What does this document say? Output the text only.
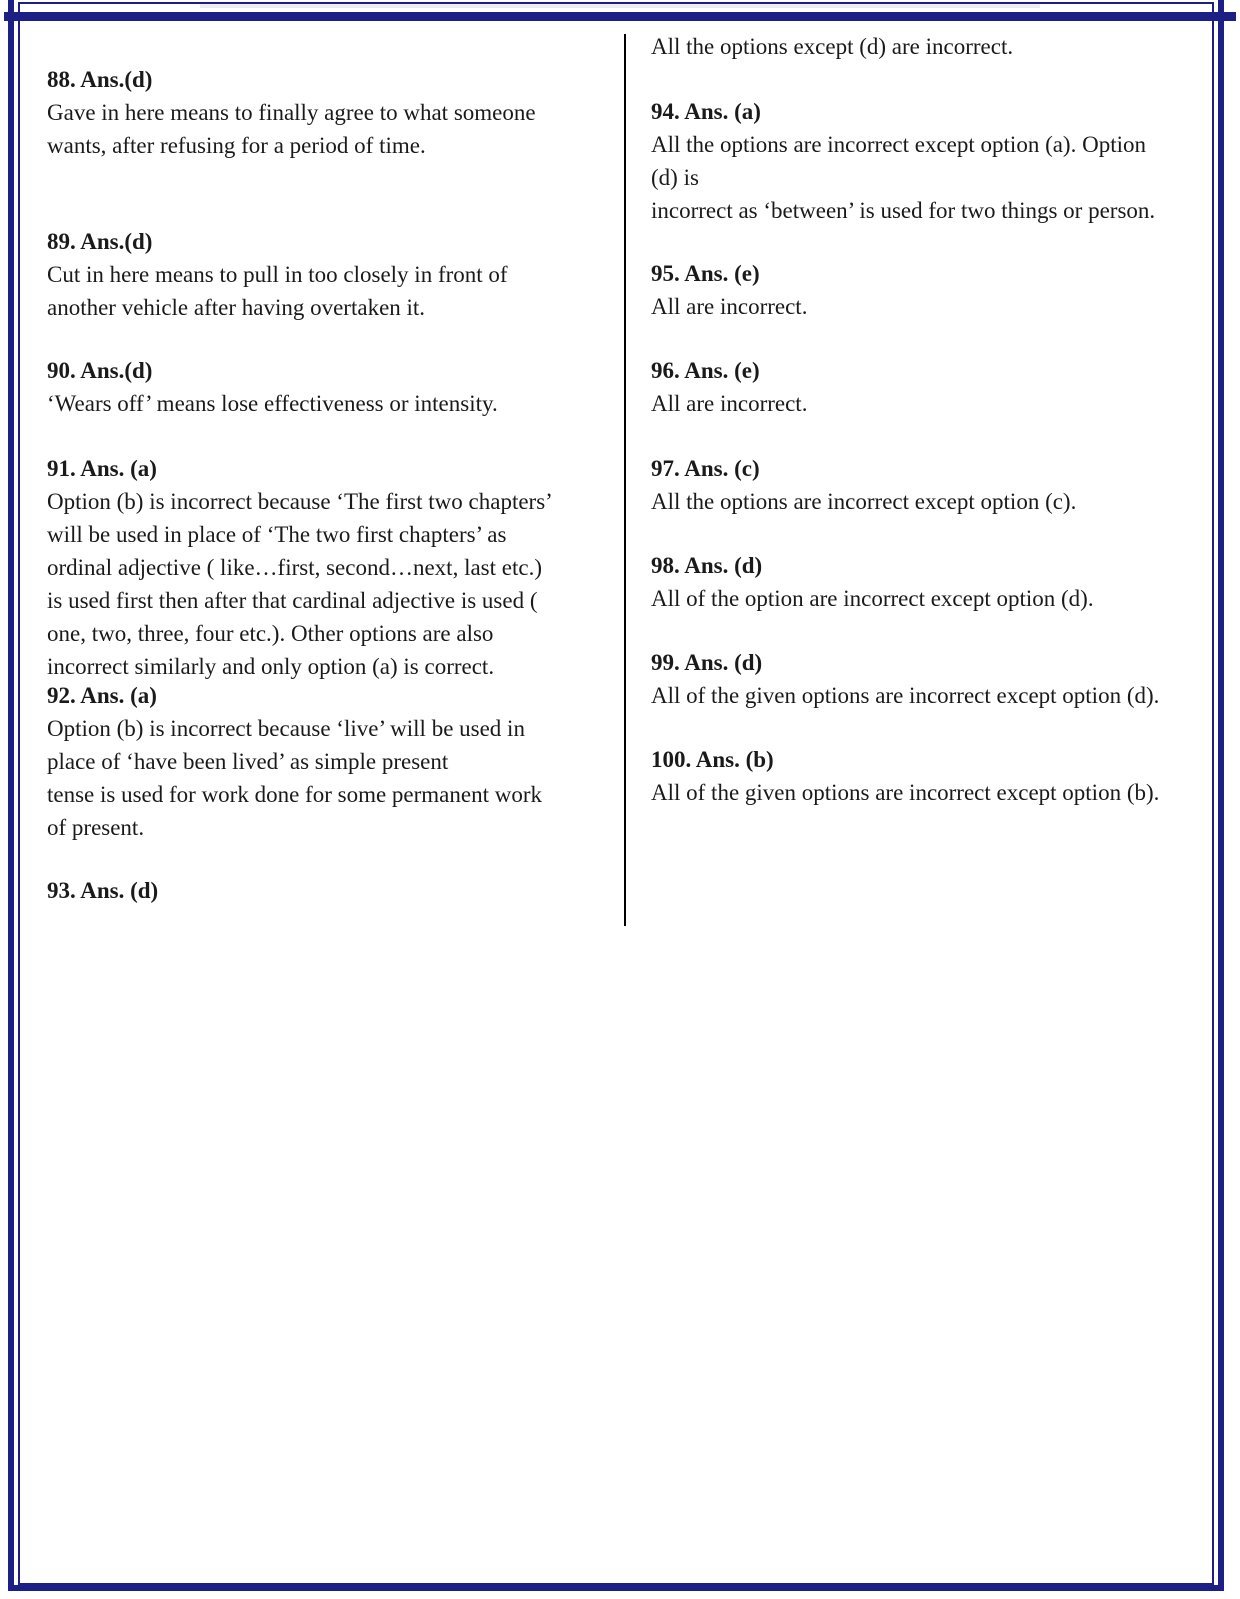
88. Ans.(d)
Gave in here means to finally agree to what someone
wants, after refusing for a period of time.
89. Ans.(d)
Cut in here means to pull in too closely in front of
another vehicle after having overtaken it.
90. Ans.(d)
‘Wears off’ means lose effectiveness or intensity.
91. Ans. (a)
Option (b) is incorrect because ‘The first two chapters’
will be used in place of ‘The two first chapters’ as
ordinal adjective ( like…first, second…next, last etc.)
is used first then after that cardinal adjective is used (
one, two, three, four etc.). Other options are also
incorrect similarly and only option (a) is correct.
92. Ans. (a)
Option (b) is incorrect because ‘live’ will be used in
place of ‘have been lived’ as simple present
tense is used for work done for some permanent work
of present.
93. Ans. (d)
All the options except (d) are incorrect.
94. Ans. (a)
All the options are incorrect except option (a). Option
(d) is
incorrect as ‘between’ is used for two things or person.
95. Ans. (e)
All are incorrect.
96. Ans. (e)
All are incorrect.
97. Ans. (c)
All the options are incorrect except option (c).
98. Ans. (d)
All of the option are incorrect except option (d).
99. Ans. (d)
All of the given options are incorrect except option (d).
100. Ans. (b)
All of the given options are incorrect except option (b).
